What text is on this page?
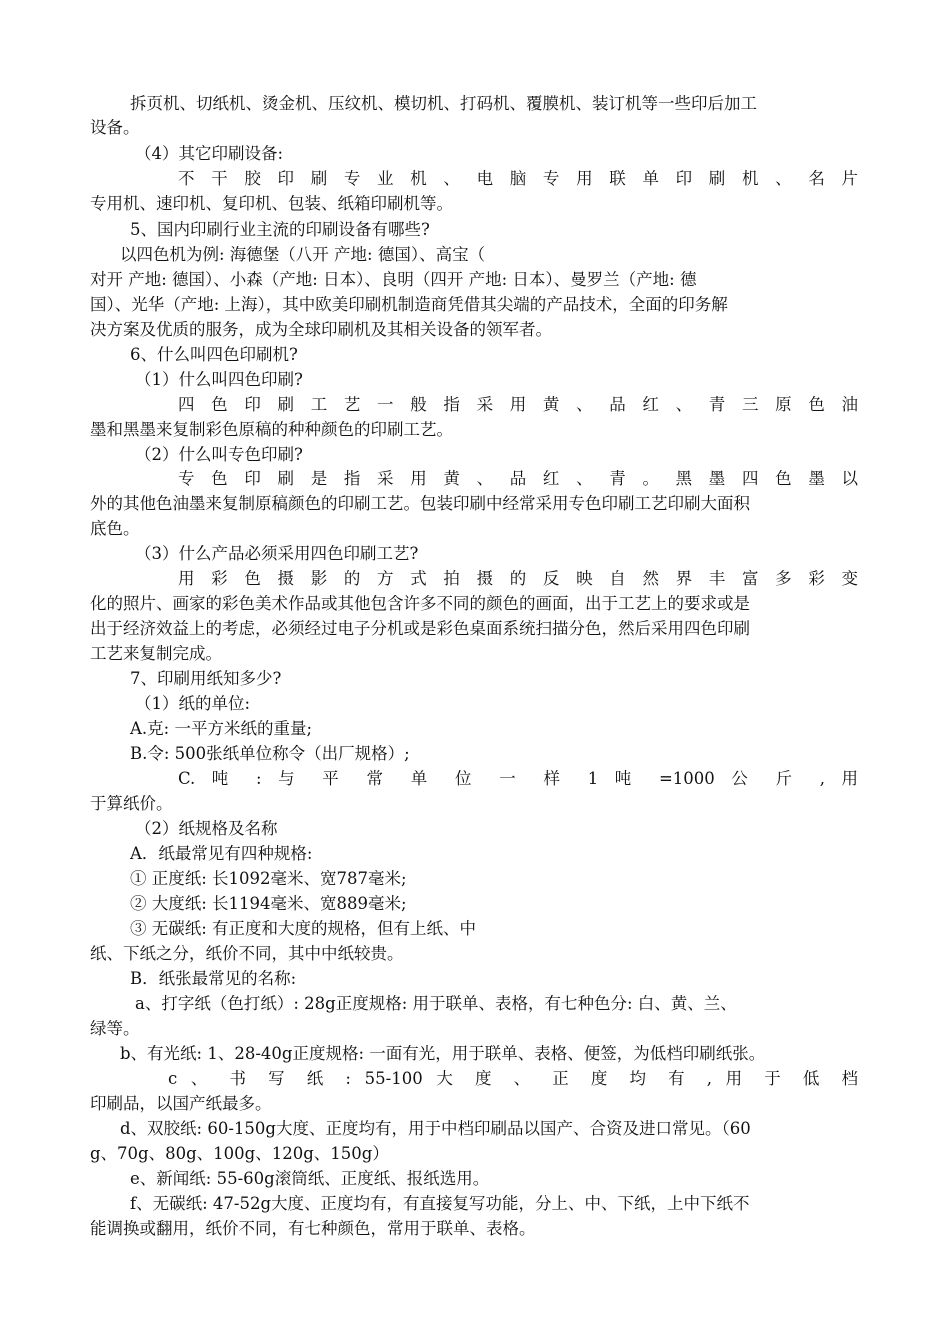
拆页机、切纸机、烫金机、压纹机、模切机、打码机、覆膜机、装订机等一些印后加工
设备。
（4）其它印刷设备:
不 干 胶 印 刷 专 业 机 、 电 脑 专 用 联 单 印 刷 机 、 名 片
专用机、速印机、复印机、包装、纸箱印刷机等。
5、国内印刷行业主流的印刷设备有哪些?
以四色机为例: 海德堡（八开 产地: 德国）、高宝（
对开 产地: 德国）、小森（产地: 日本）、良明（四开 产地: 日本）、曼罗兰（产地: 德
国）、光华（产地: 上海），其中欧美印刷机制造商凭借其尖端的产品技术，全面的印务解
决方案及优质的服务，成为全球印刷机及其相关设备的领军者。
6、什么叫四色印刷机?
（1）什么叫四色印刷?
四 色 印 刷 工 艺 一 般 指 采 用 黄 、 品 红 、 青 三 原 色 油
墨和黑墨来复制彩色原稿的种种颜色的印刷工艺。
（2）什么叫专色印刷?
专 色 印 刷 是 指 采 用 黄 、 品 红 、 青 。 黑 墨 四 色 墨 以
外的其他色油墨来复制原稿颜色的印刷工艺。包装印刷中经常采用专色印刷工艺印刷大面积
底色。
（3）什么产品必须采用四色印刷工艺?
用 彩 色 摄 影 的 方 式 拍 摄 的 反 映 自 然 界 丰 富 多 彩 变
化的照片、画家的彩色美术作品或其他包含许多不同的颜色的画面，出于工艺上的要求或是
出于经济效益上的考虑，必须经过电子分机或是彩色桌面系统扫描分色，然后采用四色印刷
工艺来复制完成。
7、印刷用纸知多少?
（1）纸的单位:
A.克: 一平方米纸的重量;
B.令: 500张纸单位称令（出厂规格）;
C. 吨 : 与 平 常 单 位 一 样 1 吨 =1000 公 斤 , 用
于算纸价。
（2）纸规格及名称
A．纸最常见有四种规格:
① 正度纸: 长1092毫米、宽787毫米;
② 大度纸: 长1194毫米、宽889毫米;
③ 无碳纸: 有正度和大度的规格，但有上纸、中
纸、下纸之分，纸价不同，其中中纸较贵。
B．纸张最常见的名称:
a、打字纸（色打纸）: 28g正度规格: 用于联单、表格，有七种色分: 白、黄、兰、
绿等。
b、有光纸: 1、28-40g正度规格: 一面有光，用于联单、表格、便签，为低档印刷纸张。
c 、 书 写 纸 : 55-100 大 度 、 正 度 均 有 , 用 于 低 档
印刷品，以国产纸最多。
d、双胶纸: 60-150g大度、正度均有，用于中档印刷品以国产、合资及进口常见。（60
g、70g、80g、100g、120g、150g）
e、新闻纸: 55-60g滚筒纸、正度纸、报纸选用。
f、无碳纸: 47-52g大度、正度均有，有直接复写功能，分上、中、下纸，上中下纸不
能调换或翻用，纸价不同，有七种颜色，常用于联单、表格。
